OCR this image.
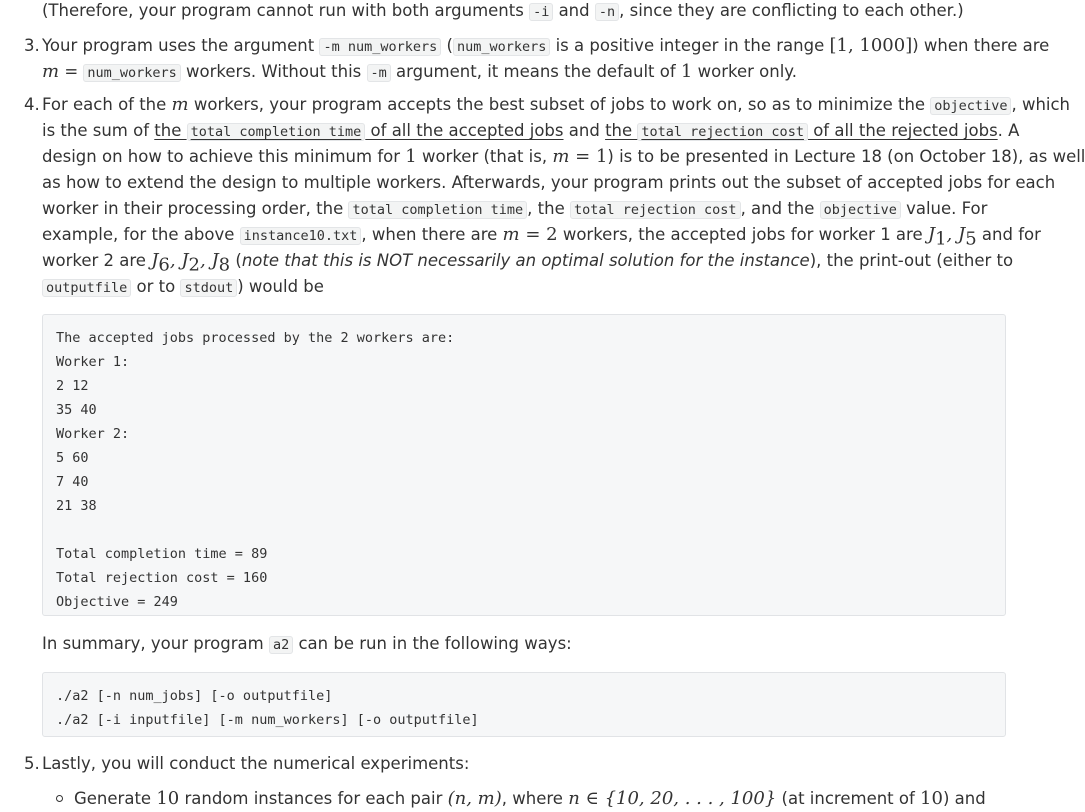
(Therefore, your program cannot run with both arguments -i and -n , since they are conflicting to each other.)
3. Your program uses the argument -m num_workers ( num_workers is a positive integer in the range [1, 1000]) when there are
m = num_workers workers. Without this -m argument, it means the default of 1 worker only.
4. For each of the m workers, your program accepts the best subset of jobs to work on, so as to minimize the objective , which
is the sum of the total completion time of all the accepted jobs and the total rejection cost of all the rejected jobs. A
design on how to achieve this minimum for 1 worker (that is, m = 1) is to be presented in Lecture 18 (on October 18), as well
as how to extend the design to multiple workers. Afterwards, your program prints out the subset of accepted jobs for each
worker in their processing order, the total completion time , the total rejection cost , and the objective value. For
example, for the above instance10.txt , when there are m = 2 workers, the accepted jobs for worker 1 are $J_1$, $J_5$ and for
worker 2 are $J_6$, $J_2$, $J_8$ (note that this is NOT necessarily an optimal solution for the instance), the print-out (either to
outputfile or to stdout ) would be
The accepted jobs processed by the 2 workers are:
Worker 1:
2 12
35 40
Worker 2:
5 60
7 40
21 38
Total completion time = 89
Total rejection cost = 160
Objective = 249
In summary, your program a2 can be run in the following ways:
./a2 [-n num_jobs] [-o outputfile]
./a2 [-i inputfile] [-m num_workers] [-o outputfile]
5. Lastly, you will conduct the numerical experiments:
Generate 10 random instances for each pair (n, m), where n ∈ {10, 20, . . . , 100} (at increment of 10) and
